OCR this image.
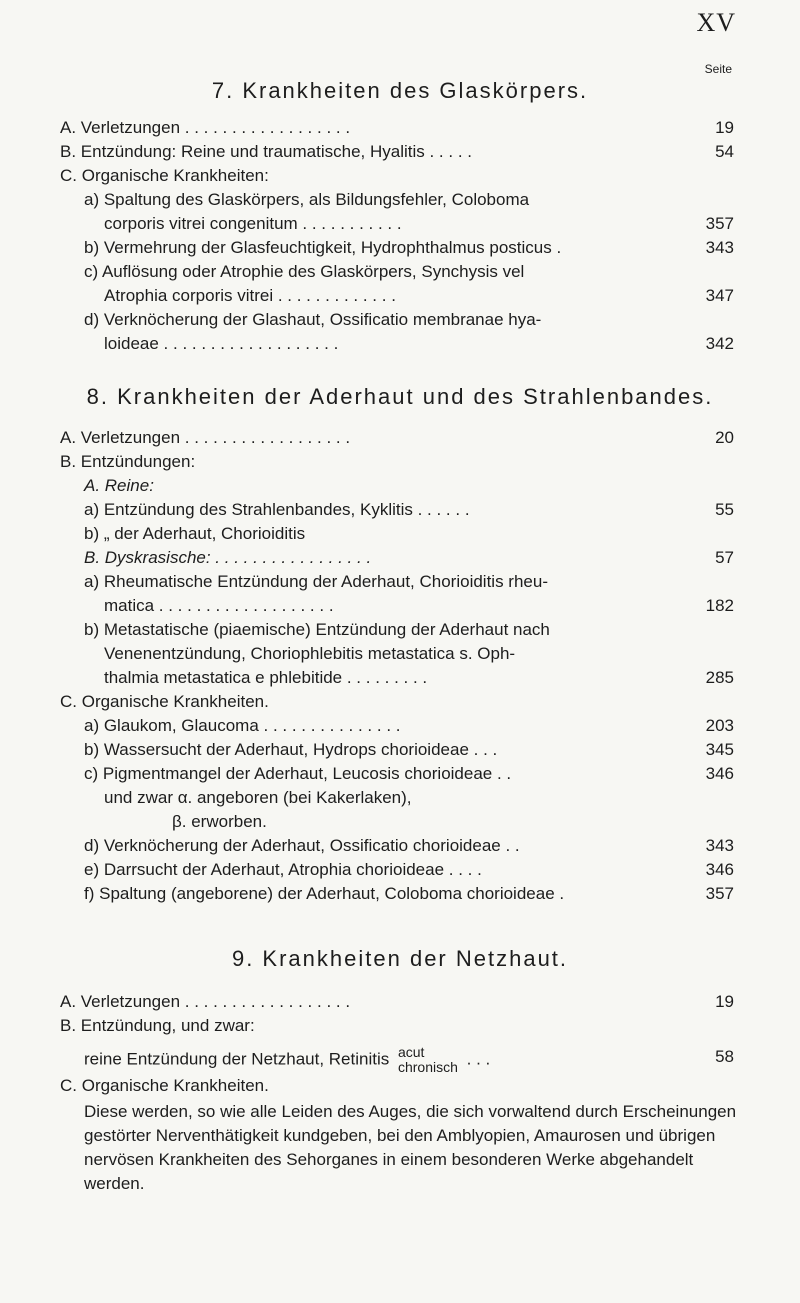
XV
Seite
7. Krankheiten des Glaskörpers.
A. Verletzungen . . . . . . . . . . . . . . . . . .	19
B. Entzündung: Reine und traumatische, Hyalitis . . . . .	54
C. Organische Krankheiten:
a) Spaltung des Glaskörpers, als Bildungsfehler, Coloboma
corporis vitrei congenitum . . . . . . . . . . .	357
b) Vermehrung der Glasfeuchtigkeit, Hydrophthalmus posticus .	343
c) Auflösung oder Atrophie des Glaskörpers, Synchysis vel
Atrophia corporis vitrei . . . . . . . . . . . . .	347
d) Verknöcherung der Glashaut, Ossificatio membranae hya-
loideae . . . . . . . . . . . . . . . . . . .	342
8. Krankheiten der Aderhaut und des Strahlenbandes.
A. Verletzungen . . . . . . . . . . . . . . . . . .	20
B. Entzündungen:
A. Reine:
a) Entzündung des Strahlenbandes, Kyklitis . . . . . .	55
b) „ der Aderhaut, Chorioiditis
B. Dyskrasische: . . . . . . . . . . . . . . . . .	57
a) Rheumatische Entzündung der Aderhaut, Chorioiditis rheu-
matica . . . . . . . . . . . . . . . . . . .	182
b) Metastatische (piaemische) Entzündung der Aderhaut nach
Venenentzündung, Choriophlebitis metastatica s. Oph-
thalmia metastatica e phlebitide . . . . . . . . .	285
C. Organische Krankheiten.
a) Glaukom, Glaucoma . . . . . . . . . . . . . . .	203
b) Wassersucht der Aderhaut, Hydrops chorioideae . . .	345
c) Pigmentmangel der Aderhaut, Leucosis chorioideae . .	346
und zwar α. angeboren (bei Kakerlaken),
β. erworben.
d) Verknöcherung der Aderhaut, Ossificatio chorioideae . .	343
e) Darrsucht der Aderhaut, Atrophia chorioideae . . . .	346
f) Spaltung (angeborene) der Aderhaut, Coloboma chorioideae .	357
9. Krankheiten der Netzhaut.
A. Verletzungen . . . . . . . . . . . . . . . . . .	19
B. Entzündung, und zwar:
reine Entzündung der Netzhaut, Retinitis acut
chronisch . . .	58
C. Organische Krankheiten.
Diese werden, so wie alle Leiden des Auges, die sich vorwaltend durch Erscheinungen gestörter Nerventhätigkeit kundgeben, bei den Amblyopien, Amaurosen und übrigen nervösen Krankheiten des Sehorganes in einem besonderen Werke abgehandelt werden.
